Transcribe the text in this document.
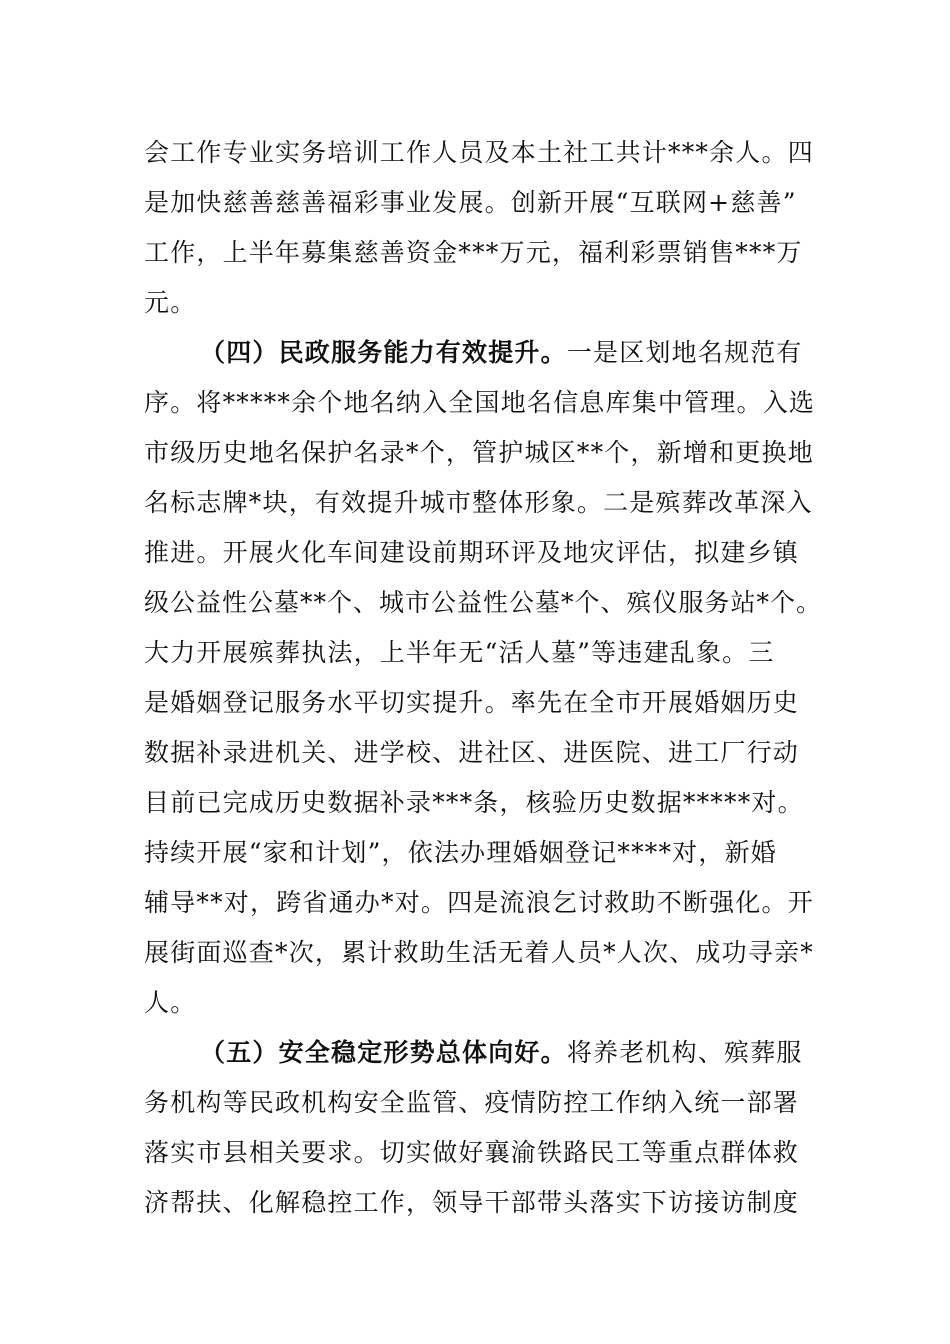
会工作专业实务培训工作人员及本土社工共计***余人。四
是加快慈善慈善福彩事业发展。创新开展“互联网+慈善”
工作，上半年募集慈善资金***万元，福利彩票销售***万
元。
（四）民政服务能力有效提升。一是区划地名规范有
序。将*****余个地名纳入全国地名信息库集中管理。入选
市级历史地名保护名录*个，管护城区**个，新增和更换地
名标志牌*块，有效提升城市整体形象。二是殡葬改革深入
推进。开展火化车间建设前期环评及地灾评估，拟建乡镇
级公益性公墓**个、城市公益性公墓*个、殡仪服务站*个。
大力开展殡葬执法，上半年无“活人墓”等违建乱象。三
是婚姻登记服务水平切实提升。率先在全市开展婚姻历史
数据补录进机关、进学校、进社区、进医院、进工厂行动
目前已完成历史数据补录***条，核验历史数据*****对。
持续开展“家和计划”，依法办理婚姻登记****对，新婚
辅导**对，跨省通办*对。四是流浪乞讨救助不断强化。开
展街面巡查*次，累计救助生活无着人员*人次、成功寻亲*
人。
（五）安全稳定形势总体向好。将养老机构、殡葬服
务机构等民政机构安全监管、疫情防控工作纳入统一部署
落实市县相关要求。切实做好襄渝铁路民工等重点群体救
济帮扶、化解稳控工作，领导干部带头落实下访接访制度
